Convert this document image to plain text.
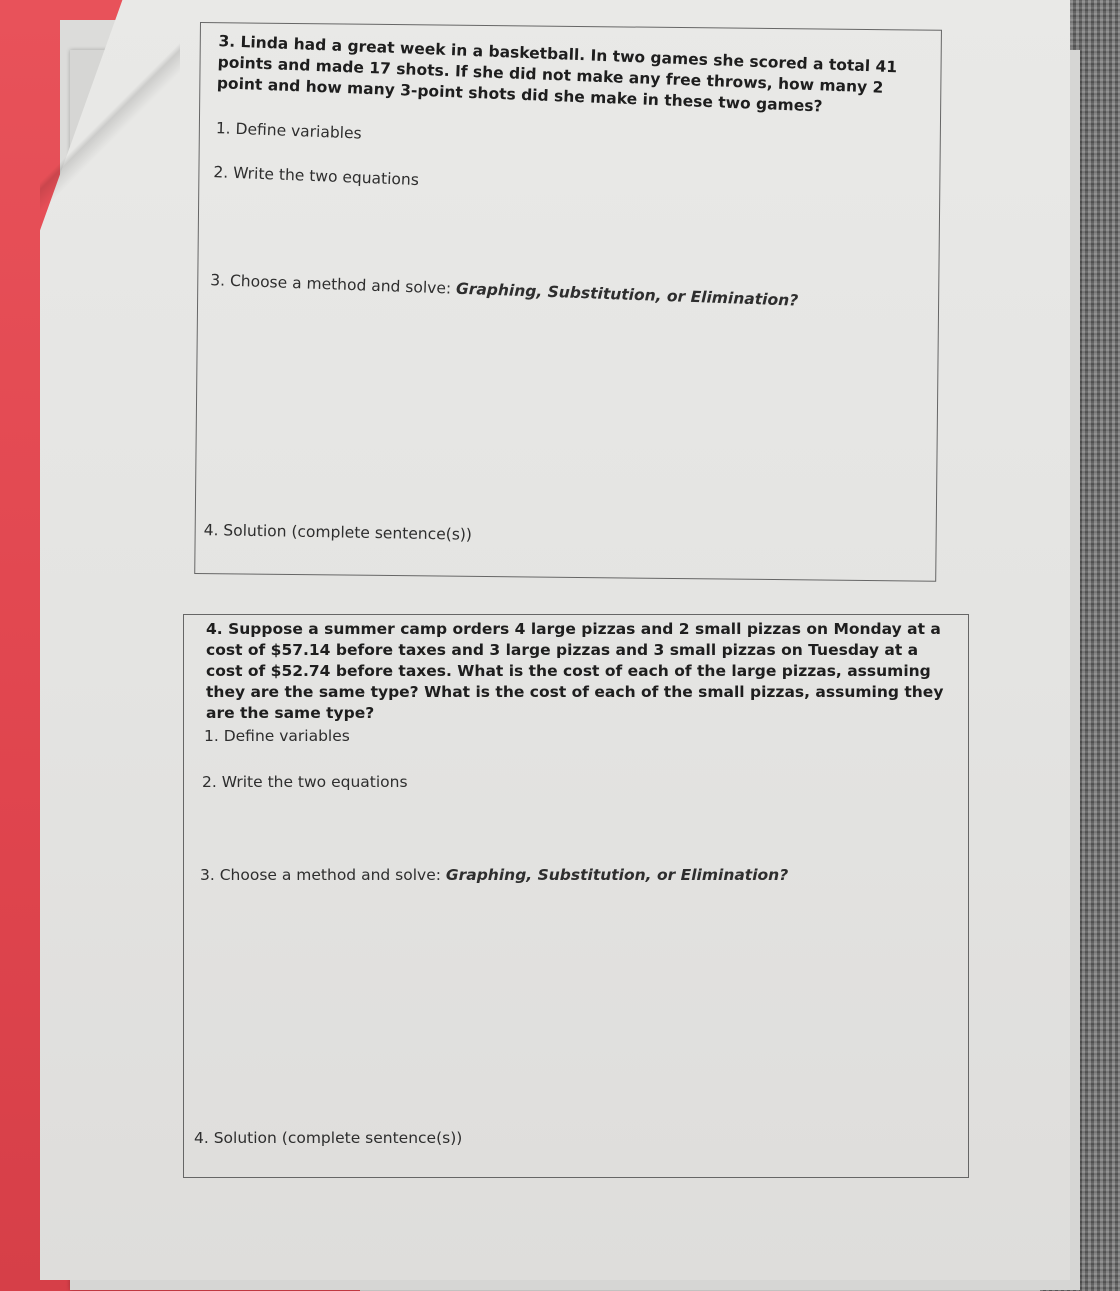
3. Linda had a great week in a basketball. In two games she scored a total 41 points and made 17 shots. If she did not make any free throws, how many 2 point and how many 3-point shots did she make in these two games?
1. Define variables
2. Write the two equations
3. Choose a method and solve: Graphing, Substitution, or Elimination?
4. Solution (complete sentence(s))
4. Suppose a summer camp orders 4 large pizzas and 2 small pizzas on Monday at a cost of $57.14 before taxes and 3 large pizzas and 3 small pizzas on Tuesday at a cost of $52.74 before taxes. What is the cost of each of the large pizzas, assuming they are the same type? What is the cost of each of the small pizzas, assuming they are the same type?
1. Define variables
2. Write the two equations
3. Choose a method and solve: Graphing, Substitution, or Elimination?
4. Solution (complete sentence(s))
